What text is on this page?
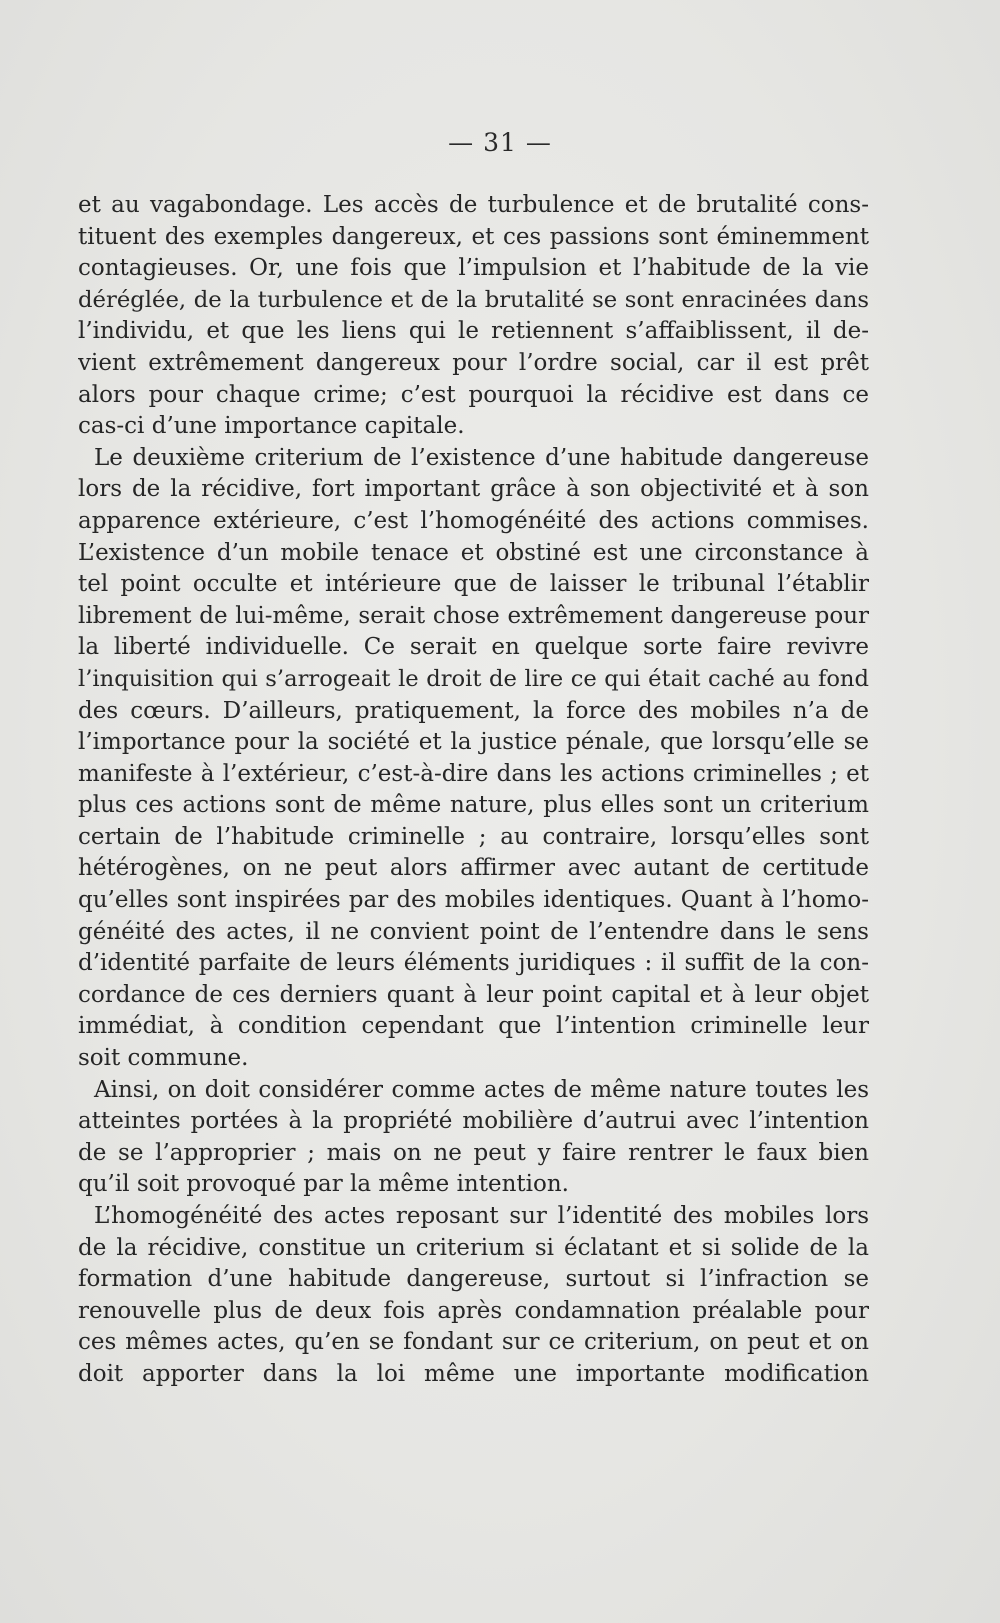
— 31 —
et au vagabondage. Les accès de turbulence et de brutalité cons-
tituent des exemples dangereux, et ces passions sont éminemment
contagieuses. Or, une fois que l’impulsion et l’habitude de la vie
déréglée, de la turbulence et de la brutalité se sont enracinées dans
l’individu, et que les liens qui le retiennent s’affaiblissent, il de-
vient extrêmement dangereux pour l’ordre social, car il est prêt
alors pour chaque crime; c’est pourquoi la récidive est dans ce
cas-ci d’une importance capitale.
Le deuxième criterium de l’existence d’une habitude dangereuse
lors de la récidive, fort important grâce à son objectivité et à son
apparence extérieure, c’est l’homogénéité des actions commises.
L’existence d’un mobile tenace et obstiné est une circonstance à
tel point occulte et intérieure que de laisser le tribunal l’établir
librement de lui-même, serait chose extrêmement dangereuse pour
la liberté individuelle. Ce serait en quelque sorte faire revivre
l’inquisition qui s’arrogeait le droit de lire ce qui était caché au fond
des cœurs. D’ailleurs, pratiquement, la force des mobiles n’a de
l’importance pour la société et la justice pénale, que lorsqu’elle se
manifeste à l’extérieur, c’est-à-dire dans les actions criminelles ; et
plus ces actions sont de même nature, plus elles sont un criterium
certain de l’habitude criminelle ; au contraire, lorsqu’elles sont
hétérogènes, on ne peut alors affirmer avec autant de certitude
qu’elles sont inspirées par des mobiles identiques. Quant à l’homo-
généité des actes, il ne convient point de l’entendre dans le sens
d’identité parfaite de leurs éléments juridiques : il suffit de la con-
cordance de ces derniers quant à leur point capital et à leur objet
immédiat, à condition cependant que l’intention criminelle leur
soit commune.
Ainsi, on doit considérer comme actes de même nature toutes les
atteintes portées à la propriété mobilière d’autrui avec l’intention
de se l’approprier ; mais on ne peut y faire rentrer le faux bien
qu’il soit provoqué par la même intention.
L’homogénéité des actes reposant sur l’identité des mobiles lors
de la récidive, constitue un criterium si éclatant et si solide de la
formation d’une habitude dangereuse, surtout si l’infraction se
renouvelle plus de deux fois après condamnation préalable pour
ces mêmes actes, qu’en se fondant sur ce criterium, on peut et on
doit apporter dans la loi même une importante modification
